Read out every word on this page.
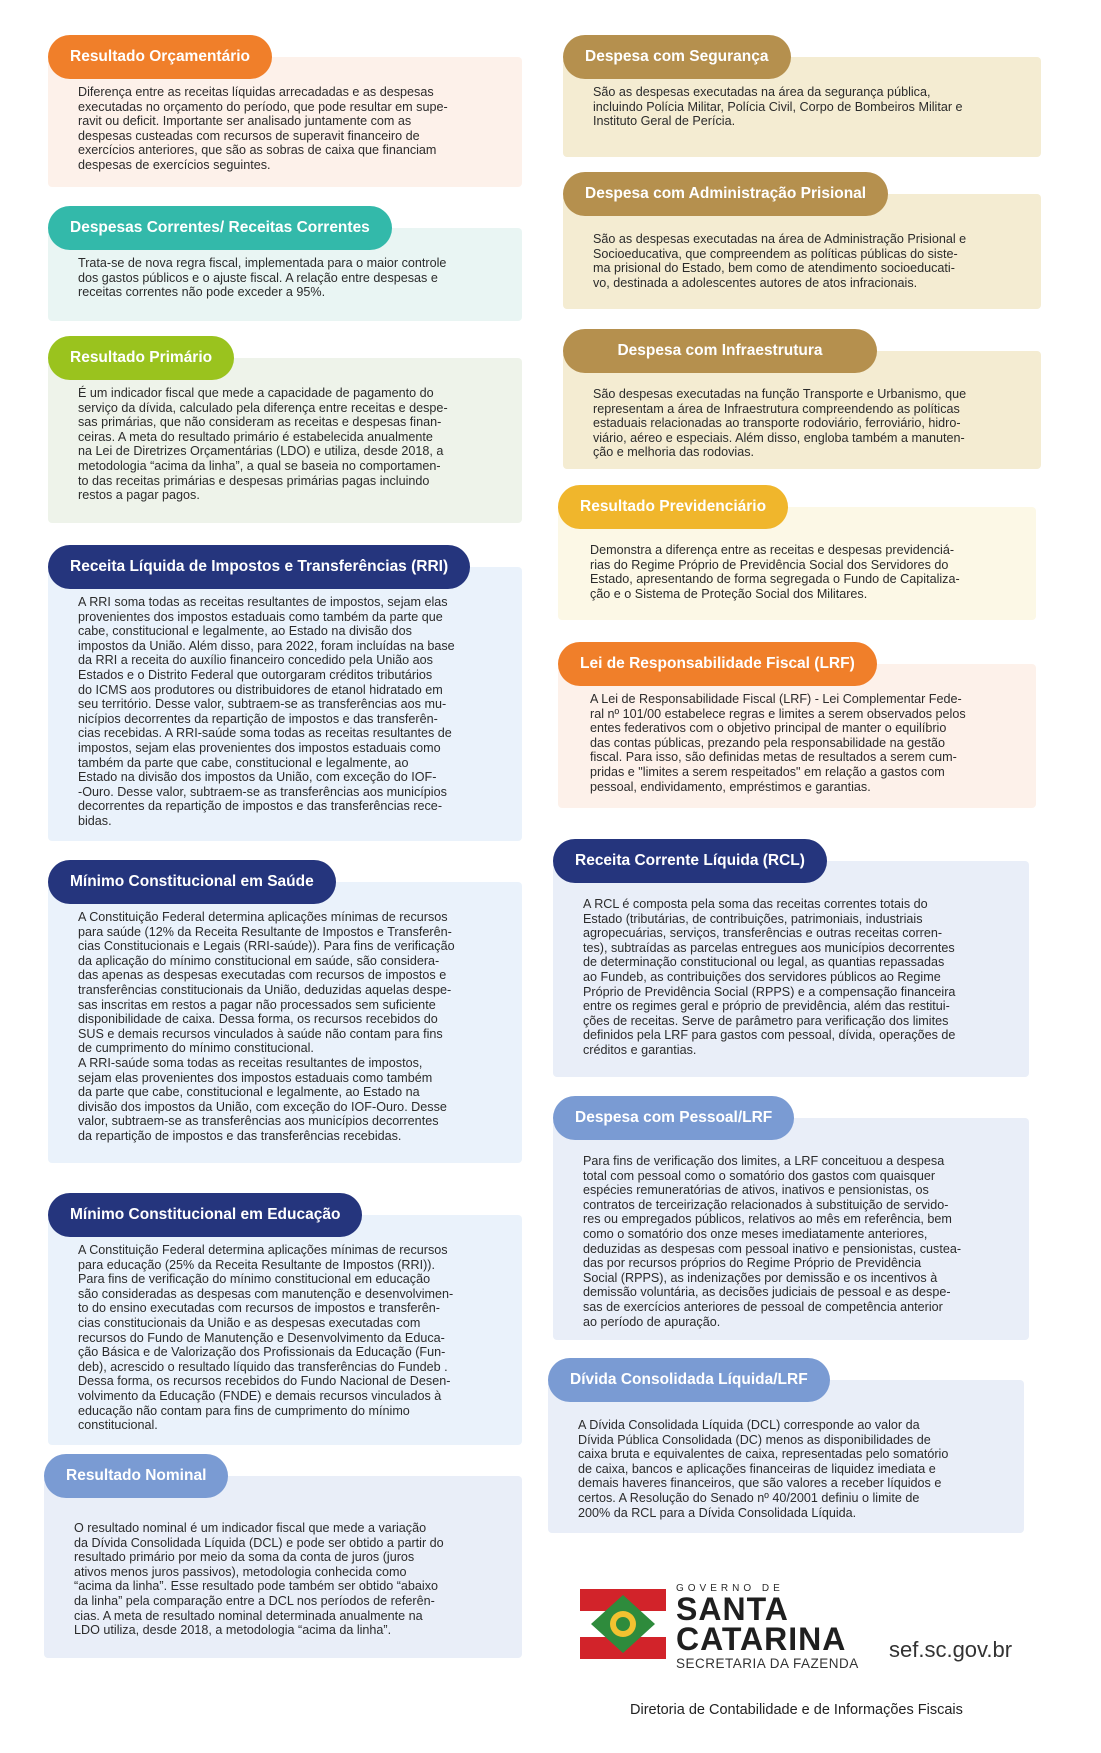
Diferença entre as receitas líquidas arrecadadas e as despesas
executadas no orçamento do período, que pode resultar em supe-
ravit ou deficit. Importante ser analisado juntamente com as
despesas custeadas com recursos de superavit financeiro de
exercícios anteriores, que são as sobras de caixa que financiam
despesas de exercícios seguintes.
Resultado Orçamentário
Trata-se de nova regra fiscal, implementada para o maior controle
dos gastos públicos e o ajuste fiscal. A relação entre despesas e
receitas correntes não pode exceder a 95%.
Despesas Correntes/ Receitas Correntes
É um indicador fiscal que mede a capacidade de pagamento do
serviço da dívida, calculado pela diferença entre receitas e despe-
sas primárias, que não consideram as receitas e despesas finan-
ceiras. A meta do resultado primário é estabelecida anualmente
na Lei de Diretrizes Orçamentárias (LDO) e utiliza, desde 2018, a
metodologia “acima da linha”, a qual se baseia no comportamen-
to das receitas primárias e despesas primárias pagas incluindo
restos a pagar pagos.
Resultado Primário
A RRI soma todas as receitas resultantes de impostos, sejam elas
provenientes dos impostos estaduais como também da parte que
cabe, constitucional e legalmente, ao Estado na divisão dos
impostos da União. Além disso, para 2022, foram incluídas na base
da RRI a receita do auxílio financeiro concedido pela União aos
Estados e o Distrito Federal que outorgaram créditos tributários
do ICMS aos produtores ou distribuidores de etanol hidratado em
seu território. Desse valor, subtraem-se as transferências aos mu-
nicípios decorrentes da repartição de impostos e das transferên-
cias recebidas. A RRI-saúde soma todas as receitas resultantes de
impostos, sejam elas provenientes dos impostos estaduais como
também da parte que cabe, constitucional e legalmente, ao
Estado na divisão dos impostos da União, com exceção do IOF-
-Ouro. Desse valor, subtraem-se as transferências aos municípios
decorrentes da repartição de impostos e das transferências rece-
bidas.
Receita Líquida de Impostos e Transferências (RRI)
A Constituição Federal determina aplicações mínimas de recursos
para saúde (12% da Receita Resultante de Impostos e Transferên-
cias Constitucionais e Legais (RRI-saúde)). Para fins de verificação
da aplicação do mínimo constitucional em saúde, são considera-
das apenas as despesas executadas com recursos de impostos e
transferências constitucionais da União, deduzidas aquelas despe-
sas inscritas em restos a pagar não processados sem suficiente
disponibilidade de caixa. Dessa forma, os recursos recebidos do
SUS e demais recursos vinculados à saúde não contam para fins
de cumprimento do mínimo constitucional.
A RRI-saúde soma todas as receitas resultantes de impostos,
sejam elas provenientes dos impostos estaduais como também
da parte que cabe, constitucional e legalmente, ao Estado na
divisão dos impostos da União, com exceção do IOF-Ouro. Desse
valor, subtraem-se as transferências aos municípios decorrentes
da repartição de impostos e das transferências recebidas.
Mínimo Constitucional em Saúde
A Constituição Federal determina aplicações mínimas de recursos
para educação (25% da Receita Resultante de Impostos (RRI)).
Para fins de verificação do mínimo constitucional em educação
são consideradas as despesas com manutenção e desenvolvimen-
to do ensino executadas com recursos de impostos e transferên-
cias constitucionais da União e as despesas executadas com
recursos do Fundo de Manutenção e Desenvolvimento da Educa-
ção Básica e de Valorização dos Profissionais da Educação (Fun-
deb), acrescido o resultado líquido das transferências do Fundeb .
Dessa forma, os recursos recebidos do Fundo Nacional de Desen-
volvimento da Educação (FNDE) e demais recursos vinculados à
educação não contam para fins de cumprimento do mínimo
constitucional.
Mínimo Constitucional em Educação
O resultado nominal é um indicador fiscal que mede a variação
da Dívida Consolidada Líquida (DCL) e pode ser obtido a partir do
resultado primário por meio da soma da conta de juros (juros
ativos menos juros passivos), metodologia conhecida como
“acima da linha”. Esse resultado pode também ser obtido “abaixo
da linha” pela comparação entre a DCL nos períodos de referên-
cias. A meta de resultado nominal determinada anualmente na
LDO utiliza, desde 2018, a metodologia “acima da linha”.
Resultado Nominal
São as despesas executadas na área da segurança pública,
incluindo Polícia Militar, Polícia Civil, Corpo de Bombeiros Militar e
Instituto Geral de Perícia.
Despesa com Segurança
São as despesas executadas na área de Administração Prisional e
Socioeducativa, que compreendem as políticas públicas do siste-
ma prisional do Estado, bem como de atendimento socioeducati-
vo, destinada a adolescentes autores de atos infracionais.
Despesa com Administração Prisional
São despesas executadas na função Transporte e Urbanismo, que
representam a área de Infraestrutura compreendendo as políticas
estaduais relacionadas ao transporte rodoviário, ferroviário, hidro-
viário, aéreo e especiais. Além disso, engloba também a manuten-
ção e melhoria das rodovias.
Despesa com Infraestrutura
Demonstra a diferença entre as receitas e despesas previdenciá-
rias do Regime Próprio de Previdência Social dos Servidores do
Estado, apresentando de forma segregada o Fundo de Capitaliza-
ção e o Sistema de Proteção Social dos Militares.
Resultado Previdenciário
A Lei de Responsabilidade Fiscal (LRF) - Lei Complementar Fede-
ral nº 101/00 estabelece regras e limites a serem observados pelos
entes federativos com o objetivo principal de manter o equilíbrio
das contas públicas, prezando pela responsabilidade na gestão
fiscal. Para isso, são definidas metas de resultados a serem cum-
pridas e "limites a serem respeitados" em relação a gastos com
pessoal, endividamento, empréstimos e garantias.
Lei de Responsabilidade Fiscal (LRF)
A RCL é composta pela soma das receitas correntes totais do
Estado (tributárias, de contribuições, patrimoniais, industriais
agropecuárias, serviços, transferências e outras receitas corren-
tes), subtraídas as parcelas entregues aos municípios decorrentes
de determinação constitucional ou legal, as quantias repassadas
ao Fundeb, as contribuições dos servidores públicos ao Regime
Próprio de Previdência Social (RPPS) e a compensação financeira
entre os regimes geral e próprio de previdência, além das restitui-
ções de receitas. Serve de parâmetro para verificação dos limites
definidos pela LRF para gastos com pessoal, dívida, operações de
créditos e garantias.
Receita Corrente Líquida (RCL)
Para fins de verificação dos limites, a LRF conceituou a despesa
total com pessoal como o somatório dos gastos com quaisquer
espécies remuneratórias de ativos, inativos e pensionistas, os
contratos de terceirização relacionados à substituição de servido-
res ou empregados públicos, relativos ao mês em referência, bem
como o somatório dos onze meses imediatamente anteriores,
deduzidas as despesas com pessoal inativo e pensionistas, custea-
das por recursos próprios do Regime Próprio de Previdência
Social (RPPS), as indenizações por demissão e os incentivos à
demissão voluntária, as decisões judiciais de pessoal e as despe-
sas de exercícios anteriores de pessoal de competência anterior
ao período de apuração.
Despesa com Pessoal/LRF
A Dívida Consolidada Líquida (DCL) corresponde ao valor da
Dívida Pública Consolidada (DC) menos as disponibilidades de
caixa bruta e equivalentes de caixa, representadas pelo somatório
de caixa, bancos e aplicações financeiras de liquidez imediata e
demais haveres financeiros, que são valores a receber líquidos e
certos. A Resolução do Senado nº 40/2001 definiu o limite de
200% da RCL para a Dívida Consolidada Líquida.
Dívida Consolidada Líquida/LRF
GOVERNO DE
SANTA
CATARINA
SECRETARIA DA FAZENDA
sef.sc.gov.br
Diretoria de Contabilidade e de Informações Fiscais
